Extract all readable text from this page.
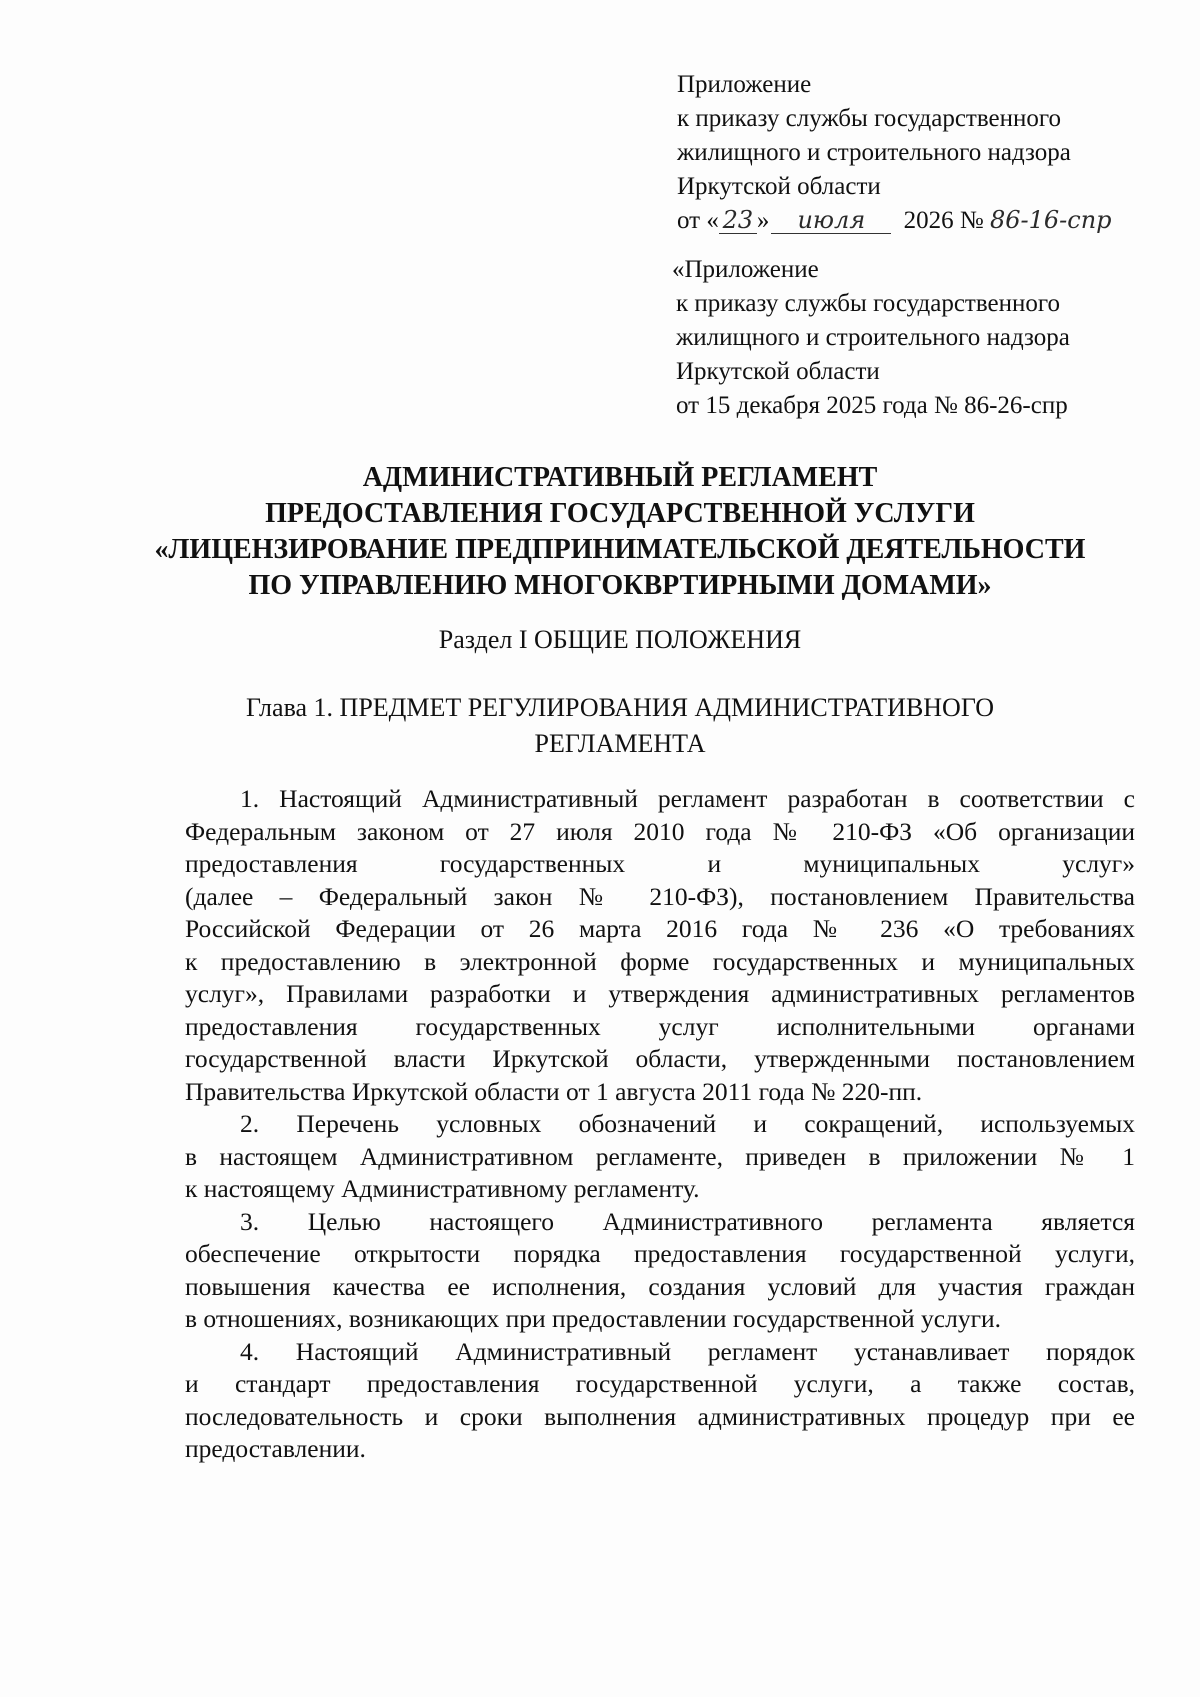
Приложение
к приказу службы государственного
жилищного и строительного надзора
Иркутской области
от « 23 » июля 2026 № 86-16-спр
«Приложение
к приказу службы государственного
жилищного и строительного надзора
Иркутской области
от 15 декабря 2025 года № 86-26-спр
АДМИНИСТРАТИВНЫЙ РЕГЛАМЕНТ
ПРЕДОСТАВЛЕНИЯ ГОСУДАРСТВЕННОЙ УСЛУГИ
«ЛИЦЕНЗИРОВАНИЕ ПРЕДПРИНИМАТЕЛЬСКОЙ ДЕЯТЕЛЬНОСТИ
ПО УПРАВЛЕНИЮ МНОГОКВРТИРНЫМИ ДОМАМИ»
Раздел I ОБЩИЕ ПОЛОЖЕНИЯ
Глава 1. ПРЕДМЕТ РЕГУЛИРОВАНИЯ АДМИНИСТРАТИВНОГО
РЕГЛАМЕНТА
1. Настоящий Административный регламент разработан в соответствии с
Федеральным законом от 27 июля 2010 года № 210-ФЗ «Об организации
предоставления государственных и муниципальных услуг»
(далее – Федеральный закон № 210-ФЗ), постановлением Правительства
Российской Федерации от 26 марта 2016 года № 236 «О требованиях
к предоставлению в электронной форме государственных и муниципальных
услуг», Правилами разработки и утверждения административных регламентов
предоставления государственных услуг исполнительными органами
государственной власти Иркутской области, утвержденными постановлением
Правительства Иркутской области от 1 августа 2011 года № 220-пп.
2. Перечень условных обозначений и сокращений, используемых
в настоящем Административном регламенте, приведен в приложении № 1
к настоящему Административному регламенту.
3. Целью настоящего Административного регламента является
обеспечение открытости порядка предоставления государственной услуги,
повышения качества ее исполнения, создания условий для участия граждан
в отношениях, возникающих при предоставлении государственной услуги.
4. Настоящий Административный регламент устанавливает порядок
и стандарт предоставления государственной услуги, а также состав,
последовательность и сроки выполнения административных процедур при ее
предоставлении.
